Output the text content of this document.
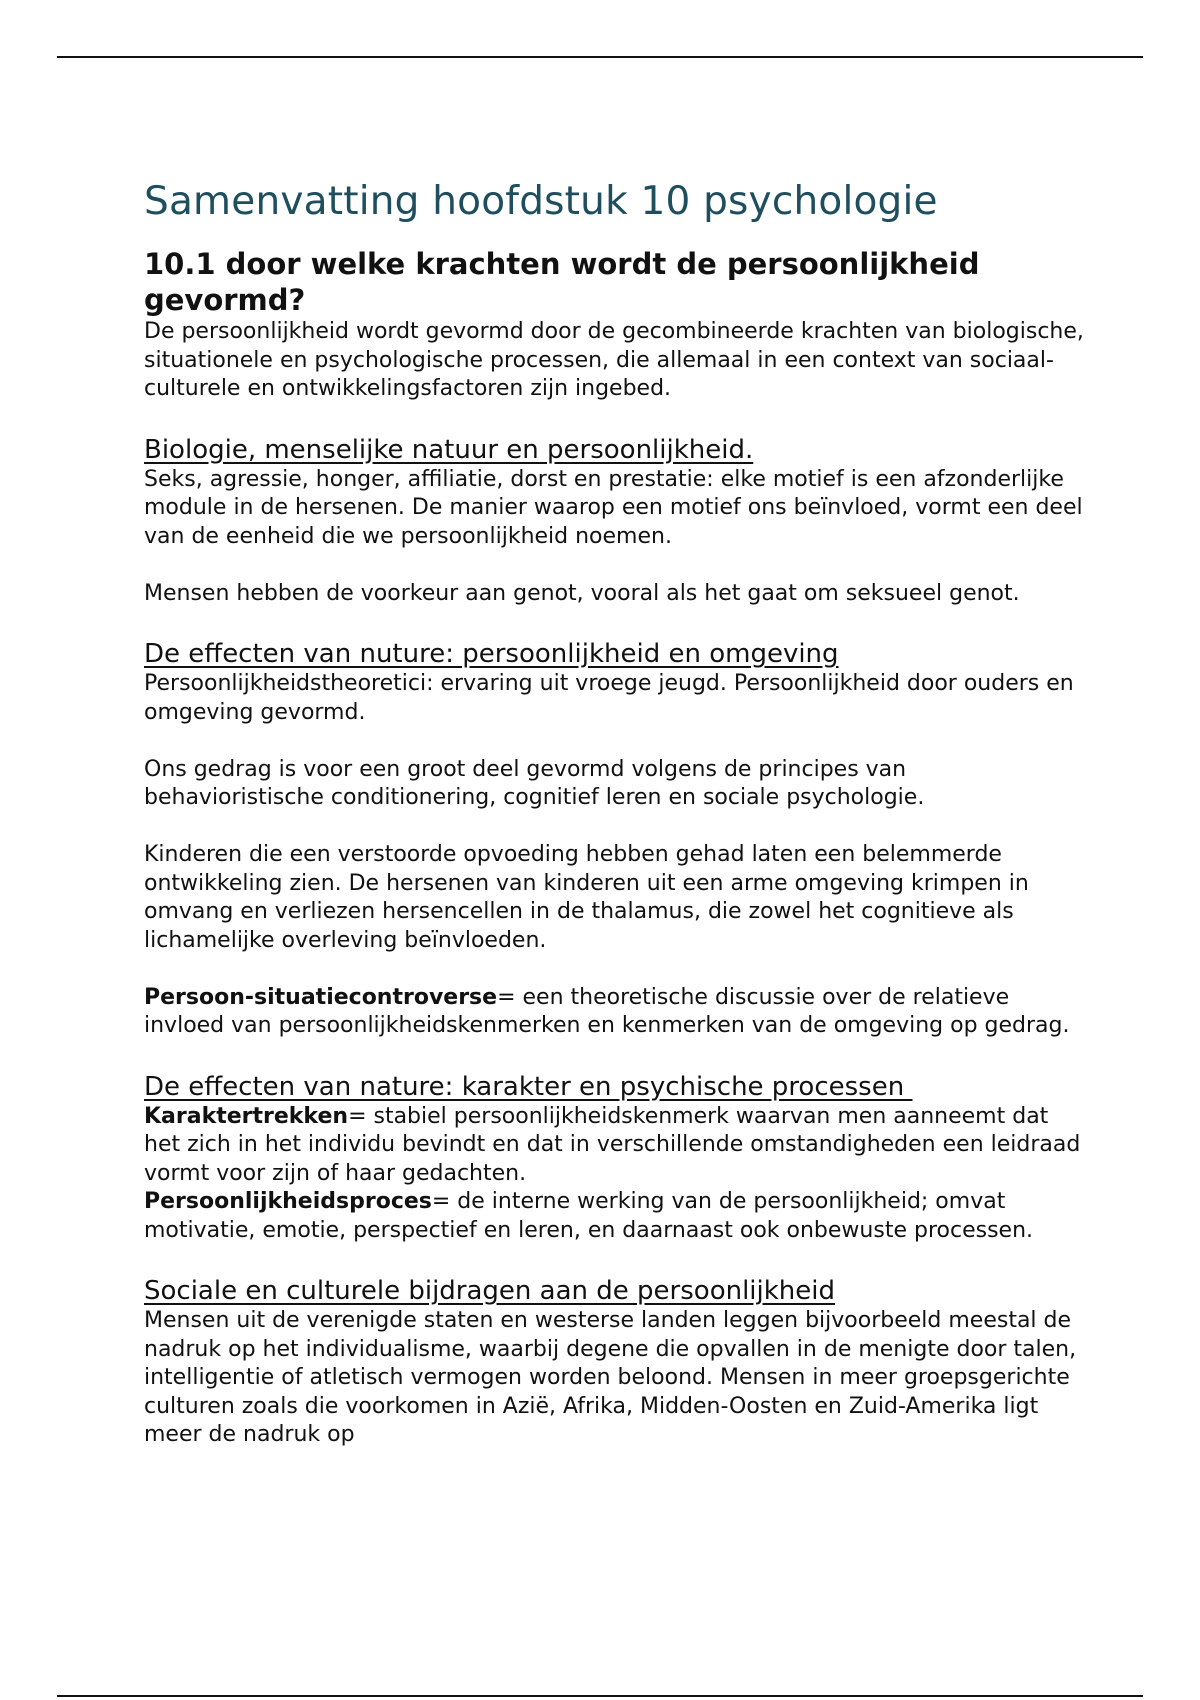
Samenvatting hoofdstuk 10 psychologie
10.1 door welke krachten wordt de persoonlijkheid gevormd?

De persoonlijkheid wordt gevormd door de gecombineerde krachten van biologische, situationele en psychologische processen, die allemaal in een context van sociaal-culturele en ontwikkelingsfactoren zijn ingebed.

Biologie, menselijke natuur en persoonlijkheid.

Seks, agressie, honger, affiliatie, dorst en prestatie: elke motief is een afzonderlijke module in de hersenen. De manier waarop een motief ons beïnvloed, vormt een deel van de eenheid die we persoonlijkheid noemen.

Mensen hebben de voorkeur aan genot, vooral als het gaat om seksueel genot.

De effecten van nuture: persoonlijkheid en omgeving

Persoonlijkheidstheoretici: ervaring uit vroege jeugd. Persoonlijkheid door ouders en omgeving gevormd.

Ons gedrag is voor een groot deel gevormd volgens de principes van behavioristische conditionering, cognitief leren en sociale psychologie.

Kinderen die een verstoorde opvoeding hebben gehad laten een belemmerde ontwikkeling zien. De hersenen van kinderen uit een arme omgeving krimpen in omvang en verliezen hersencellen in de thalamus, die zowel het cognitieve als lichamelijke overleving beïnvloeden.

Persoon-situatiecontroverse= een theoretische discussie over de relatieve invloed van persoonlijkheidskenmerken en kenmerken van de omgeving op gedrag.

De effecten van nature: karakter en psychische processen

Karaktertrekken= stabiel persoonlijkheidskenmerk waarvan men aanneemt dat het zich in het individu bevindt en dat in verschillende omstandigheden een leidraad vormt voor zijn of haar gedachten.
Persoonlijkheidsproces= de interne werking van de persoonlijkheid; omvat motivatie, emotie, perspectief en leren, en daarnaast ook onbewuste processen.

Sociale en culturele bijdragen aan de persoonlijkheid

Mensen uit de verenigde staten en westerse landen leggen bijvoorbeeld meestal de nadruk op het individualisme, waarbij degene die opvallen in de menigte door talen, intelligentie of atletisch vermogen worden beloond. Mensen in meer groepsgerichte culturen zoals die voorkomen in Azië, Afrika, Midden-Oosten en Zuid-Amerika ligt meer de nadruk op
